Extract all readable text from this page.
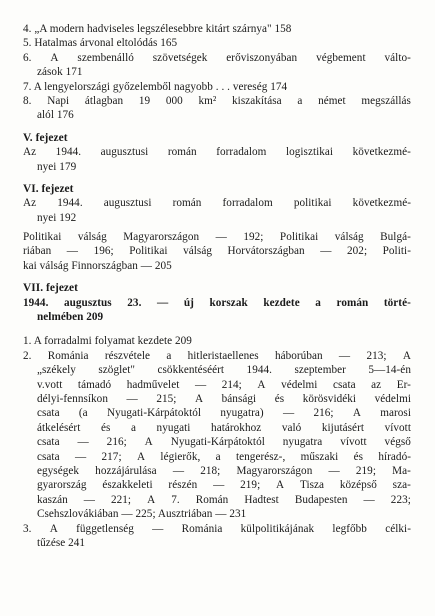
4. „A modern hadviseles legszélesebbre kitárt szárnya" 158
5. Hatalmas árvonal eltolódás 165
6. A szembenálló szövetségek erőviszonyában végbement válto-
zások 171
7. A lengyelországi győzelemből nagyobb . . . vereség 174
8. Napi átlagban 19 000 km² kiszakítása a német megszállás
alól 176
V. fejezet
Az 1944. augusztusi román forradalom logisztikai következmé-
nyei 179
VI. fejezet
Az 1944. augusztusi román forradalom politikai következmé-
nyei 192
Politikai válság Magyarországon — 192; Politikai válság Bulgá-
riában — 196; Politikai válság Horvátországban — 202; Politi-
kai válság Finnországban — 205
VII. fejezet
1944. augusztus 23. — új korszak kezdete a román törté-
nelmében 209
1. A forradalmi folyamat kezdete 209
2. Románia részvétele a hitleristaellenes háborúban — 213; A
„székely szöglet" csökkentéséért 1944. szeptember 5—14-én
v.vott támadó hadművelet — 214; A védelmi csata az Er-
délyi-fennsíkon — 215; A bánsági és körösvidéki védelmi
csata (a Nyugati-Kárpátoktól nyugatra) — 216; A marosi
átkelésért és a nyugati határokhoz való kijutásért vívott
csata — 216; A Nyugati-Kárpátoktól nyugatra vívott végső
csata — 217; A légierők, a tengerész-, műszaki és híradó-
egységek hozzájárulása — 218; Magyarországon — 219; Ma-
gyarország északkeleti részén — 219; A Tisza középső sza-
kaszán — 221; A 7. Román Hadtest Budapesten — 223;
Csehszlovákiában — 225; Ausztriában — 231
3. A függetlenség — Románia külpolitikájának legfőbb célki-
tűzése 241
